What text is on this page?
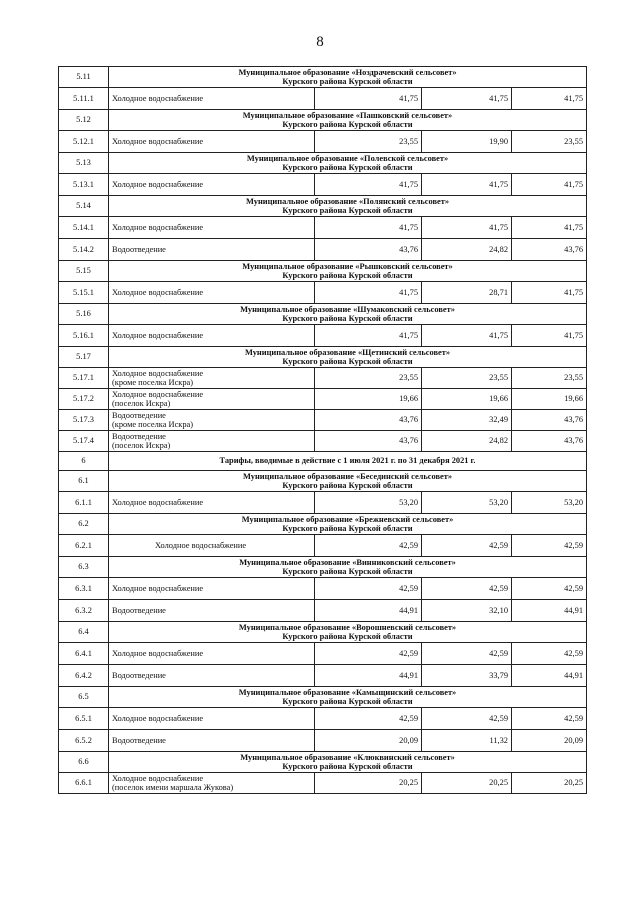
8
5.11	Муниципальное образование «Ноздрачевский сельсовет»
Курского района Курской области			

5.11.1	Холодное водоснабжение	41,75	41,75	41,75
5.12	Муниципальное образование «Пашковский сельсовет»
Курского района Курской области			

5.12.1	Холодное водоснабжение	23,55	19,90	23,55
5.13	Муниципальное образование «Полевской сельсовет»
Курского района Курской области			

5.13.1	Холодное водоснабжение	41,75	41,75	41,75
5.14	Муниципальное образование «Полянский сельсовет»
Курского района Курской области			

5.14.1	Холодное водоснабжение	41,75	41,75	41,75
5.14.2	Водоотведение	43,76	24,82	43,76
5.15	Муниципальное образование «Рышковский сельсовет»
Курского района Курской области			

5.15.1	Холодное водоснабжение	41,75	28,71	41,75
5.16	Муниципальное образование «Шумаковский сельсовет»
Курского района Курской области			

5.16.1	Холодное водоснабжение	41,75	41,75	41,75
5.17	Муниципальное образование «Щетинский сельсовет»
Курского района Курской области			

5.17.1	Холодное водоснабжение
(кроме поселка Искра)	23,55	23,55	23,55
5.17.2	Холодное водоснабжение
(поселок Искра)	19,66	19,66	19,66
5.17.3	Водоотведение
(кроме поселка Искра)	43,76	32,49	43,76
5.17.4	Водоотведение
(поселок Искра)	43,76	24,82	43,76
6	Тарифы, вводимые в действие с 1 июля 2021 г. по 31 декабря 2021 г.			
6.1	Муниципальное образование «Бесединский сельсовет»
Курского района Курской области			

6.1.1	Холодное водоснабжение	53,20	53,20	53,20
6.2	Муниципальное образование «Брежневский сельсовет»
Курского района Курской области			

6.2.1	Холодное водоснабжение	42,59	42,59	42,59
6.3	Муниципальное образование «Винниковский сельсовет»
Курского района Курской области			

6.3.1	Холодное водоснабжение	42,59	42,59	42,59
6.3.2	Водоотведение	44,91	32,10	44,91
6.4	Муниципальное образование «Ворошневский сельсовет»
Курского района Курской области			

6.4.1	Холодное водоснабжение	42,59	42,59	42,59
6.4.2	Водоотведение	44,91	33,79	44,91
6.5	Муниципальное образование «Камыщинский сельсовет»
Курского района Курской области			

6.5.1	Холодное водоснабжение	42,59	42,59	42,59
6.5.2	Водоотведение	20,09	11,32	20,09
6.6	Муниципальное образование «Клюквинский сельсовет»
Курского района Курской области			

6.6.1	Холодное водоснабжение
(поселок имени маршала Жукова)	20,25	20,25	20,25
